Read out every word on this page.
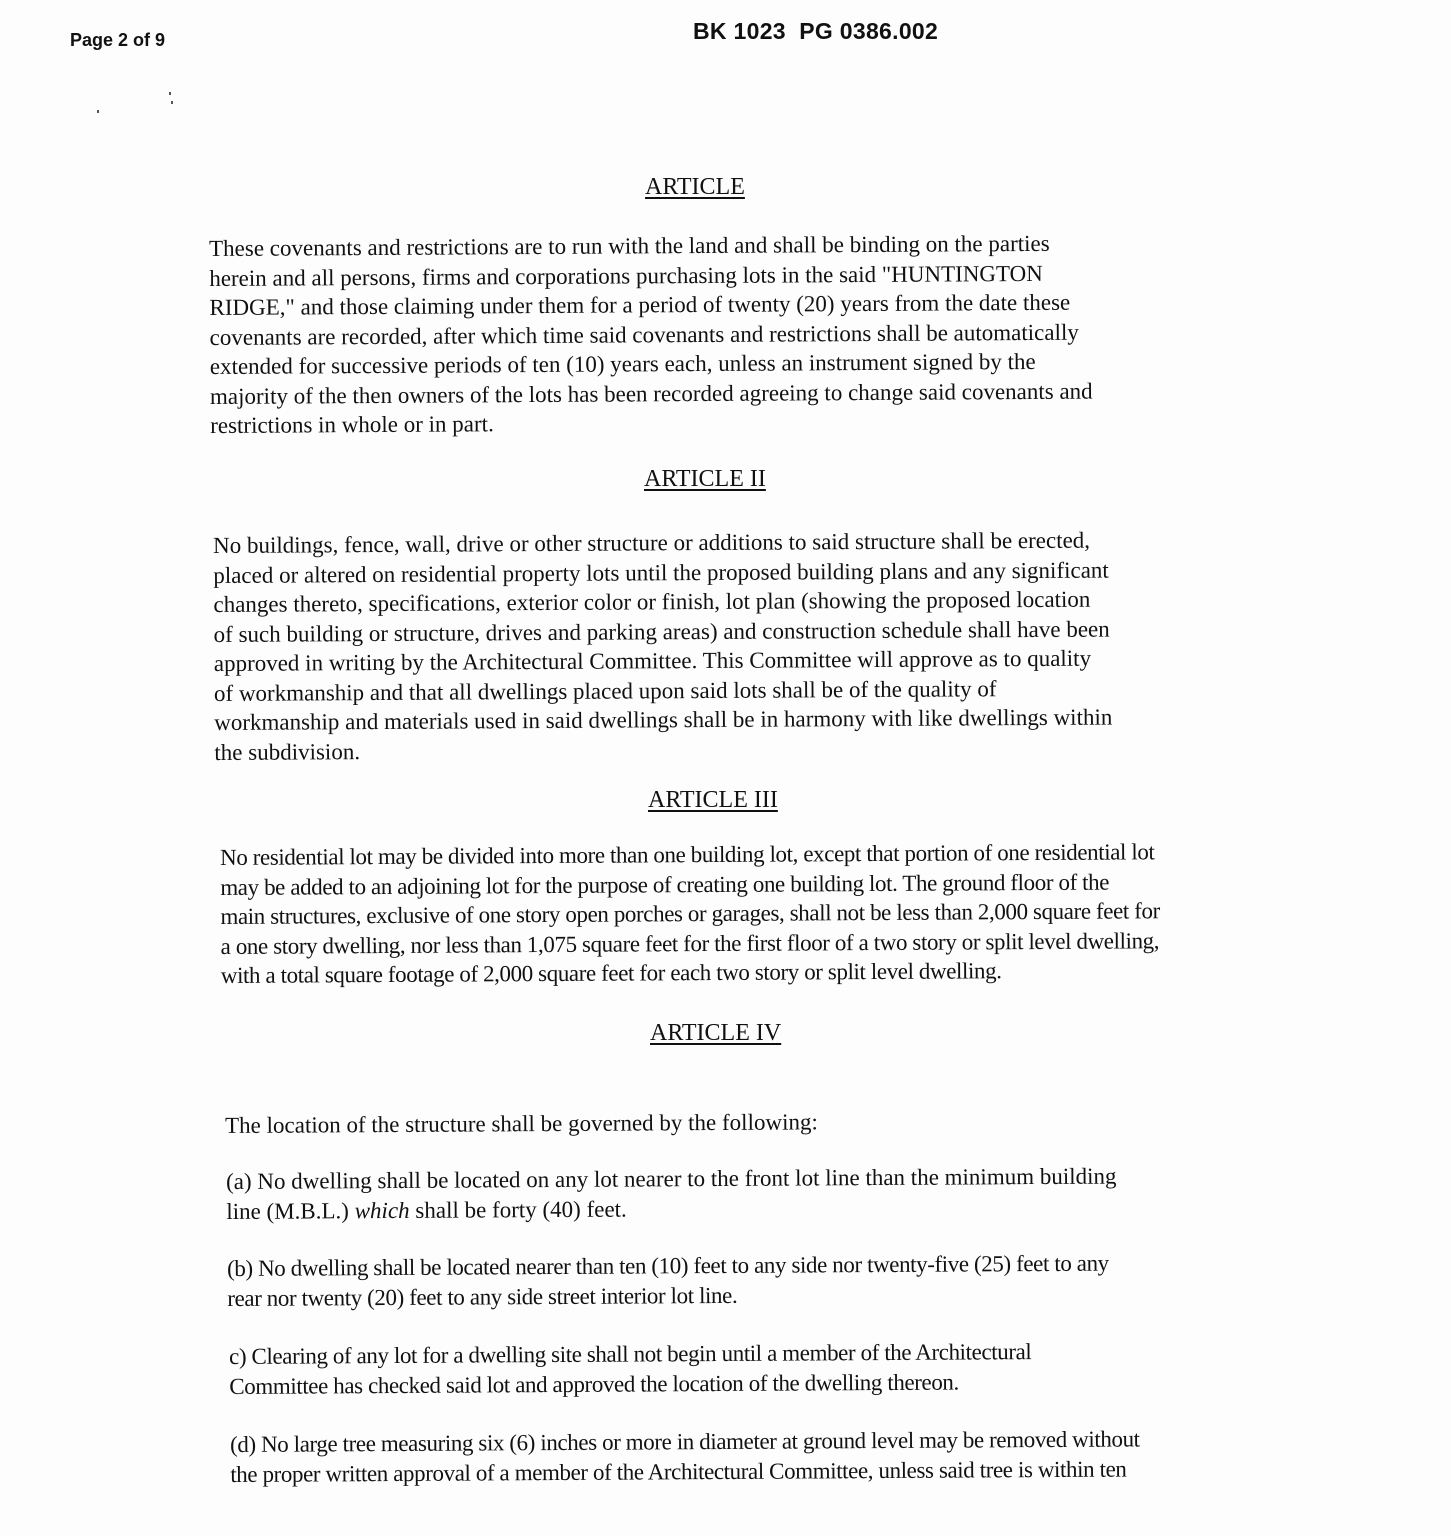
Page 2 of 9	BK 1023  PG 0386.002
ARTICLE
These covenants and restrictions are to run with the land and shall be binding on the parties
herein and all persons, firms and corporations purchasing lots in the said "HUNTINGTON
RIDGE," and those claiming under them for a period of twenty (20) years from the date these
covenants are recorded, after which time said covenants and restrictions shall be automatically
extended for successive periods of ten (10) years each, unless an instrument signed by the
majority of the then owners of the lots has been recorded agreeing to change said covenants and
restrictions in whole or in part.
ARTICLE II
No buildings, fence, wall, drive or other structure or additions to said structure shall be erected,
placed or altered on residential property lots until the proposed building plans and any significant
changes thereto, specifications, exterior color or finish, lot plan (showing the proposed location
of such building or structure, drives and parking areas) and construction schedule shall have been
approved in writing by the Architectural Committee. This Committee will approve as to quality
of workmanship and that all dwellings placed upon said lots shall be of the quality of
workmanship and materials used in said dwellings shall be in harmony with like dwellings within
the subdivision.
ARTICLE III
No residential lot may be divided into more than one building lot, except that portion of one residential lot
may be added to an adjoining lot for the purpose of creating one building lot. The ground floor of the
main structures, exclusive of one story open porches or garages, shall not be less than 2,000 square feet for
a one story dwelling, nor less than 1,075 square feet for the first floor of a two story or split level dwelling,
with a total square footage of 2,000 square feet for each two story or split level dwelling.
ARTICLE IV
The location of the structure shall be governed by the following:
(a) No dwelling shall be located on any lot nearer to the front lot line than the minimum building
line (M.B.L.) which shall be forty (40) feet.
(b) No dwelling shall be located nearer than ten (10) feet to any side nor twenty-five (25) feet to any
rear nor twenty (20) feet to any side street interior lot line.
c) Clearing of any lot for a dwelling site shall not begin until a member of the Architectural
Committee has checked said lot and approved the location of the dwelling thereon.
(d) No large tree measuring six (6) inches or more in diameter at ground level may be removed without
the proper written approval of a member of the Architectural Committee, unless said tree is within ten
